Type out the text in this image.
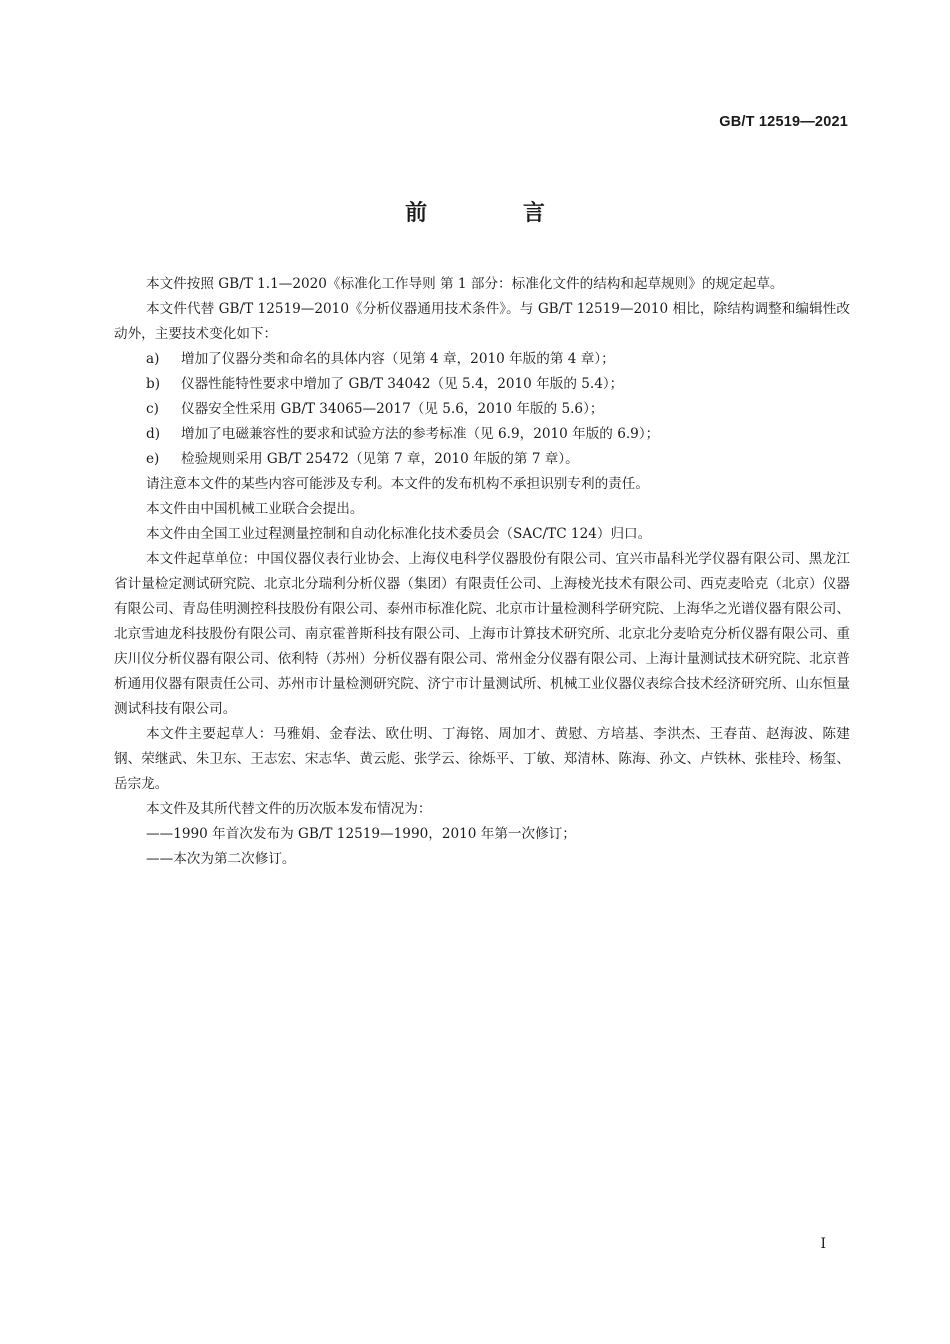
GB/T 12519—2021
前 言

本文件按照 GB/T 1.1—2020《标准化工作导则 第 1 部分：标准化文件的结构和起草规则》的规定起草。

本文件代替 GB/T 12519—2010《分析仪器通用技术条件》。与 GB/T 12519—2010 相比，除结构调整和编辑性改动外，主要技术变化如下：

a)	增加了仪器分类和命名的具体内容（见第 4 章，2010 年版的第 4 章）；
b)	仪器性能特性要求中增加了 GB/T 34042（见 5.4，2010 年版的 5.4）；
c)	仪器安全性采用 GB/T 34065—2017（见 5.6，2010 年版的 5.6）；
d)	增加了电磁兼容性的要求和试验方法的参考标准（见 6.9，2010 年版的 6.9）；
e)	检验规则采用 GB/T 25472（见第 7 章，2010 年版的第 7 章）。

请注意本文件的某些内容可能涉及专利。本文件的发布机构不承担识别专利的责任。

本文件由中国机械工业联合会提出。

本文件由全国工业过程测量控制和自动化标准化技术委员会（SAC/TC 124）归口。

本文件起草单位：中国仪器仪表行业协会、上海仪电科学仪器股份有限公司、宜兴市晶科光学仪器有限公司、黑龙江省计量检定测试研究院、北京北分瑞利分析仪器（集团）有限责任公司、上海棱光技术有限公司、西克麦哈克（北京）仪器有限公司、青岛佳明测控科技股份有限公司、泰州市标准化院、北京市计量检测科学研究院、上海华之光谱仪器有限公司、北京雪迪龙科技股份有限公司、南京霍普斯科技有限公司、上海市计算技术研究所、北京北分麦哈克分析仪器有限公司、重庆川仪分析仪器有限公司、依利特（苏州）分析仪器有限公司、常州金分仪器有限公司、上海计量测试技术研究院、北京普析通用仪器有限责任公司、苏州市计量检测研究院、济宁市计量测试所、机械工业仪器仪表综合技术经济研究所、山东恒量测试科技有限公司。

本文件主要起草人：马雅娟、金春法、欧仕明、丁海铭、周加才、黄慰、方培基、李洪杰、王春苗、赵海波、陈建钢、荣继武、朱卫东、王志宏、宋志华、黄云彪、张学云、徐烁平、丁敏、郑清林、陈海、孙文、卢铁林、张桂玲、杨玺、岳宗龙。

本文件及其所代替文件的历次版本发布情况为：

——1990 年首次发布为 GB/T 12519—1990，2010 年第一次修订；

——本次为第二次修订。

I
